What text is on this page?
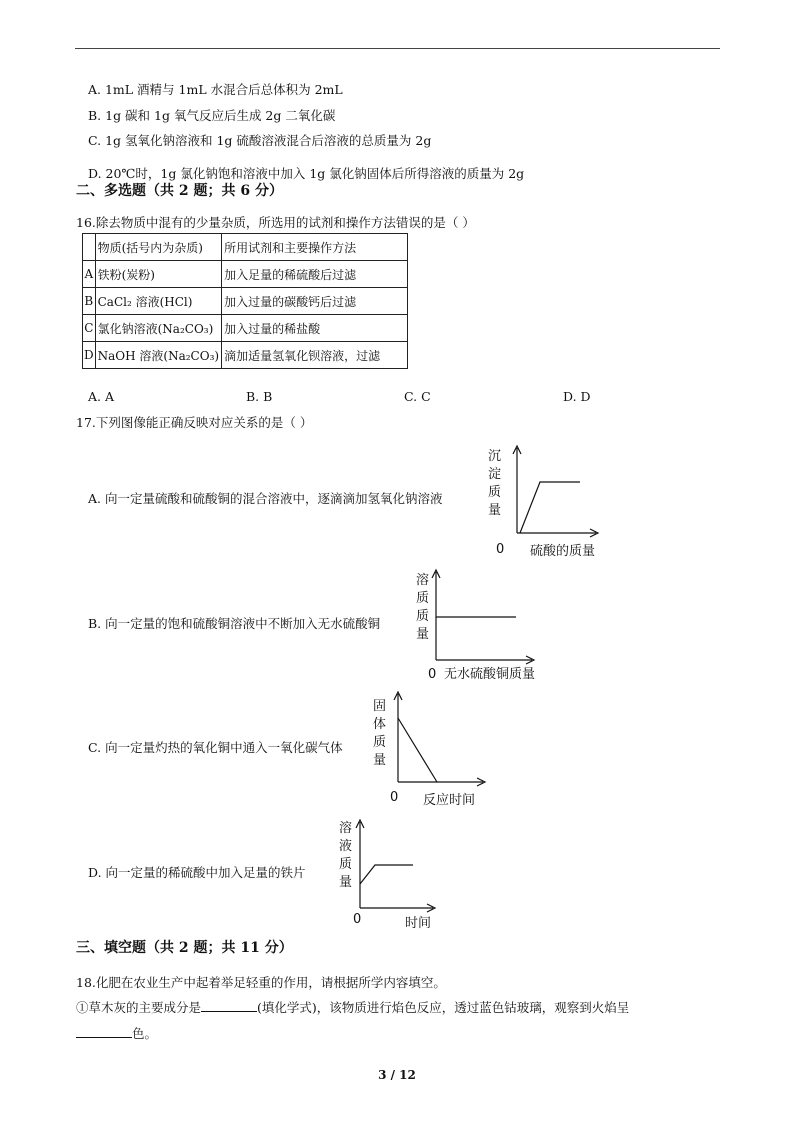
A. 1mL 酒精与 1mL 水混合后总体积为 2mL
B. 1g 碳和 1g 氧气反应后生成 2g 二氧化碳
C. 1g 氢氧化钠溶液和 1g 硫酸溶液混合后溶液的总质量为 2g
D. 20℃时，1g 氯化钠饱和溶液中加入 1g 氯化钠固体后所得溶液的质量为 2g
二、多选题（共 2 题；共 6 分）
16.除去物质中混有的少量杂质，所选用的试剂和操作方法错误的是（ ）
	物质(括号内为杂质)	所用试剂和主要操作方法
A	铁粉(炭粉)	加入足量的稀硫酸后过滤
B	CaCl₂ 溶液(HCl)	加入过量的碳酸钙后过滤
C	氯化钠溶液(Na₂CO₃)	加入过量的稀盐酸
D	NaOH 溶液(Na₂CO₃)	滴加适量氢氧化钡溶液，过滤
A. A	B. B	C. C	D. D
17.下列图像能正确反映对应关系的是（ ）
A. 向一定量硫酸和硫酸铜的混合溶液中，逐滴滴加氢氧化钠溶液
沉
淀
质
量
0 硫酸的质量
B. 向一定量的饱和硫酸铜溶液中不断加入无水硫酸铜
溶
质
质
量
0 无水硫酸铜质量
C. 向一定量灼热的氧化铜中通入一氧化碳气体
固
体
质
量
0 反应时间
D. 向一定量的稀硫酸中加入足量的铁片
溶
液
质
量
0	时间
三、填空题（共 2 题；共 11 分）
18.化肥在农业生产中起着举足轻重的作用，请根据所学内容填空。
①草木灰的主要成分是	(填化学式)，该物质进行焰色反应，透过蓝色钴玻璃，观察到火焰呈
色。
3 / 12
